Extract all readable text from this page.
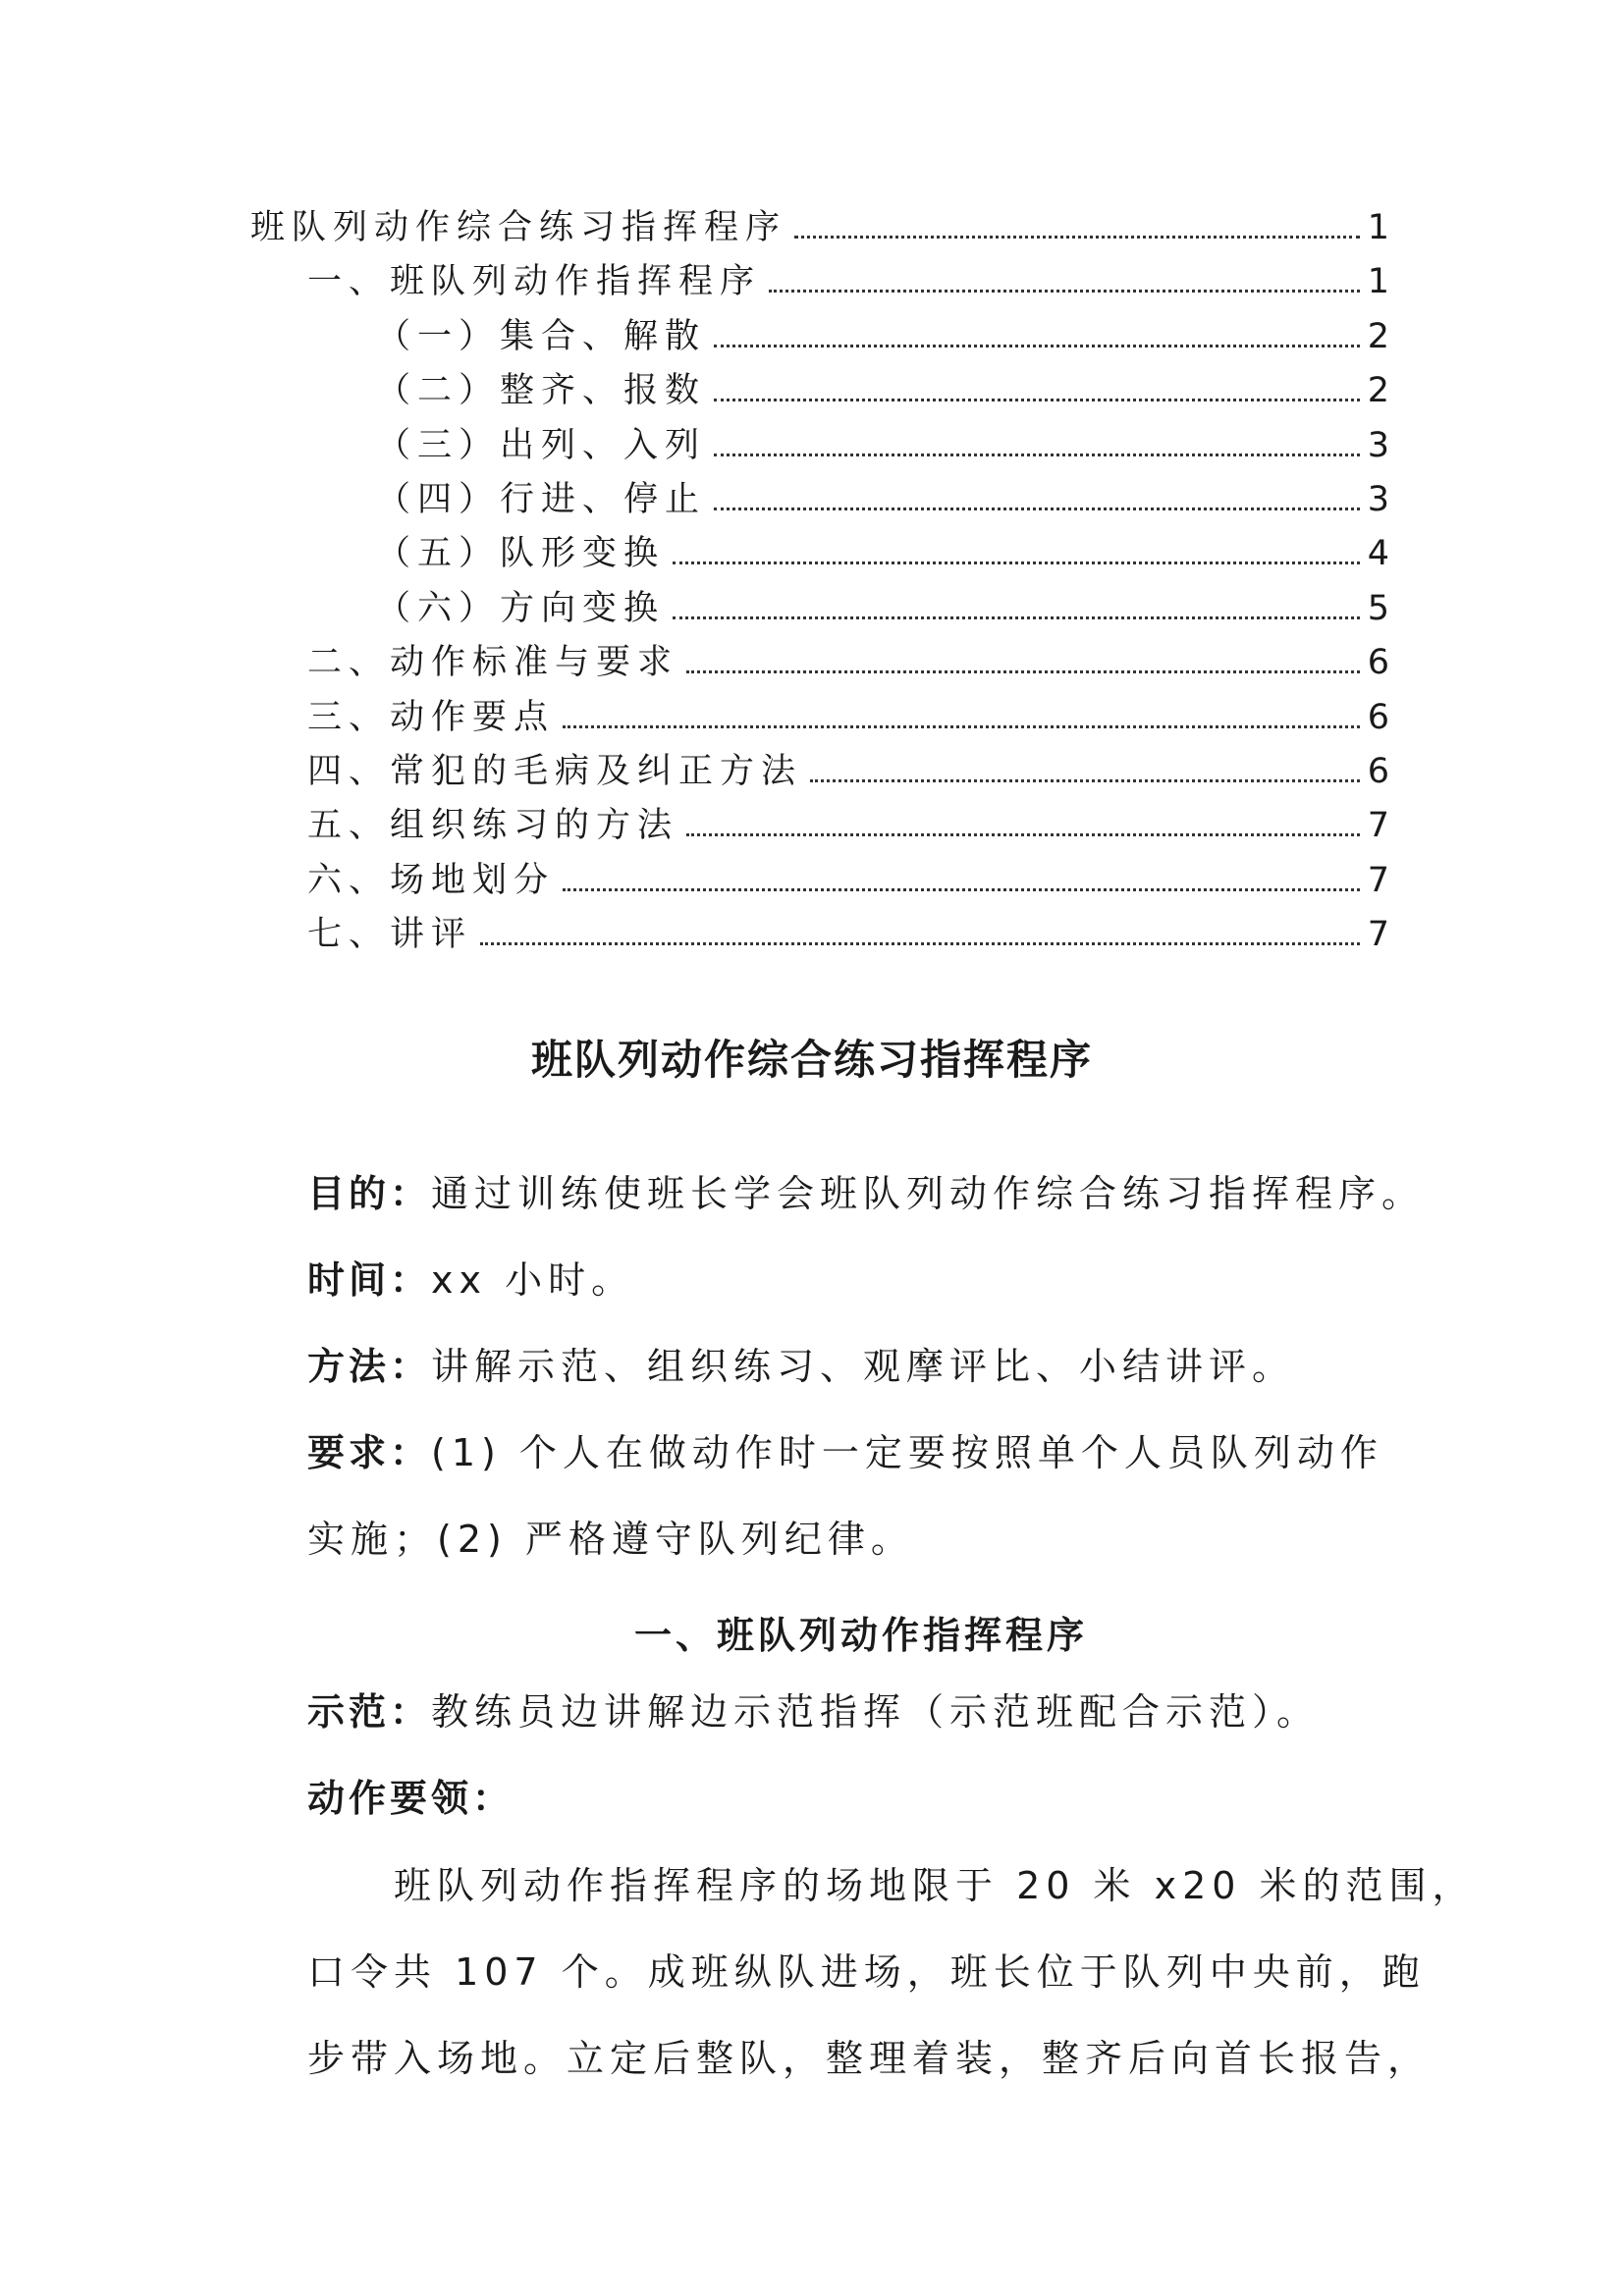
班队列动作综合练习指挥程序	1
一、班队列动作指挥程序	1
（一）集合、解散	2
（二）整齐、报数	2
（三）出列、入列	3
（四）行进、停止	3
（五）队形变换	4
（六）方向变换	5
二、动作标准与要求	6
三、动作要点	6
四、常犯的毛病及纠正方法	6
五、组织练习的方法	7
六、场地划分	7
七、讲评	7
班队列动作综合练习指挥程序
目的：通过训练使班长学会班队列动作综合练习指挥程序。
时间：xx 小时。
方法：讲解示范、组织练习、观摩评比、小结讲评。
要求：(1) 个人在做动作时一定要按照单个人员队列动作
实施；(2) 严格遵守队列纪律。
一、班队列动作指挥程序
示范：教练员边讲解边示范指挥（示范班配合示范）。
动作要领：
班队列动作指挥程序的场地限于 20 米 x20 米的范围，
口令共 107 个。成班纵队进场，班长位于队列中央前，跑
步带入场地。立定后整队，整理着装，整齐后向首长报告，
